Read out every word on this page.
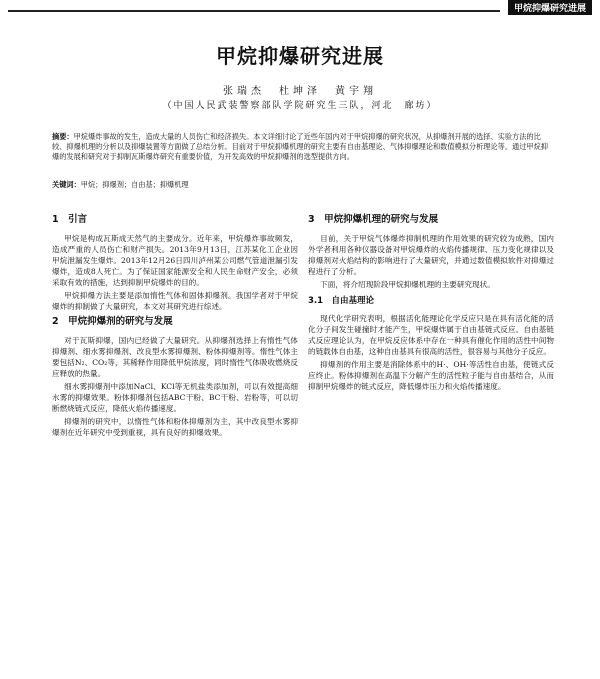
甲烷抑爆研究进展
甲烷抑爆研究进展
张瑞杰　杜坤泽　黄宇翔
（中国人民武装警察部队学院研究生三队，河北　廊坊）
摘要：甲烷爆炸事故的发生，造成大量的人员伤亡和经济损失。本文详细讨论了近些年国内对于甲烷抑爆的研究状况，从抑爆剂开展的选择、实验方法的比较、抑爆机理的分析以及抑爆装置等方面做了总结分析。目前对于甲烷抑爆机理的研究主要有自由基理论、气体抑爆理论和数值模拟分析理论等。通过甲烷抑爆的发展和研究对于抑制瓦斯爆炸研究有重要价值，为开发高效的甲烷抑爆剂的选型提供方向。
关键词：甲烷；抑爆剂；自由基；抑爆机理
1　引言

甲烷是构成瓦斯成天然气的主要成分。近年来，甲烷爆炸事故频发，造成严重的人员伤亡和财产损失。2013年9月13日，江苏某化工企业因甲烷泄漏发生爆炸。2013年12月26日四川泸州某公司燃气管道泄漏引发爆炸，造成8人死亡。为了保证国家能源安全和人民生命财产安全，必须采取有效的措施，达到抑制甲烷爆炸的目的。

甲烷抑爆方法主要是添加惰性气体和固体抑爆剂。我国学者对于甲烷爆炸的抑制做了大量研究，本文对其研究进行综述。

2　甲烷抑爆剂的研究与发展

对于瓦斯抑爆，国内已经做了大量研究。从抑爆剂选择上有惰性气体抑爆剂、细水雾抑爆剂、改良型水雾抑爆剂、粉体抑爆剂等。惰性气体主要包括N₂、CO₂等，其稀释作用降低甲烷浓度，同时惰性气体吸收燃烧反应释放的热量。

细水雾抑爆剂中添加NaCl、KCl等无机盐类添加剂，可以有效提高细水雾的抑爆效果。粉体抑爆剂包括ABC干粉、BC干粉、岩粉等，可以切断燃烧链式反应，降低火焰传播速度。

抑爆剂的研究中，以惰性气体和粉体抑爆剂为主，其中改良型水雾抑爆剂在近年研究中受到重视，具有良好的抑爆效果。

3　甲烷抑爆机理的研究与发展

目前，关于甲烷气体爆炸抑制机理的作用效果的研究较为成熟，国内外学者利用各种仪器设备对甲烷爆炸的火焰传播规律、压力变化规律以及抑爆剂对火焰结构的影响进行了大量研究，并通过数值模拟软件对抑爆过程进行了分析。

下面，将介绍现阶段甲烷抑爆机理的主要研究现状。

3.1　自由基理论

现代化学研究表明，根据活化能理论化学反应只是在具有活化能的活化分子间发生碰撞时才能产生，甲烷爆炸属于自由基链式反应。自由基链式反应理论认为，在甲烷反应体系中存在一种具有催化作用的活性中间物的链载体自由基，这种自由基具有很高的活性，很容易与其他分子反应。

抑爆剂的作用主要是消除体系中的H·、OH·等活性自由基，使链式反应终止。粉体抑爆剂在高温下分解产生的活性粒子能与自由基结合，从而抑制甲烷爆炸的链式反应，降低爆炸压力和火焰传播速度。
